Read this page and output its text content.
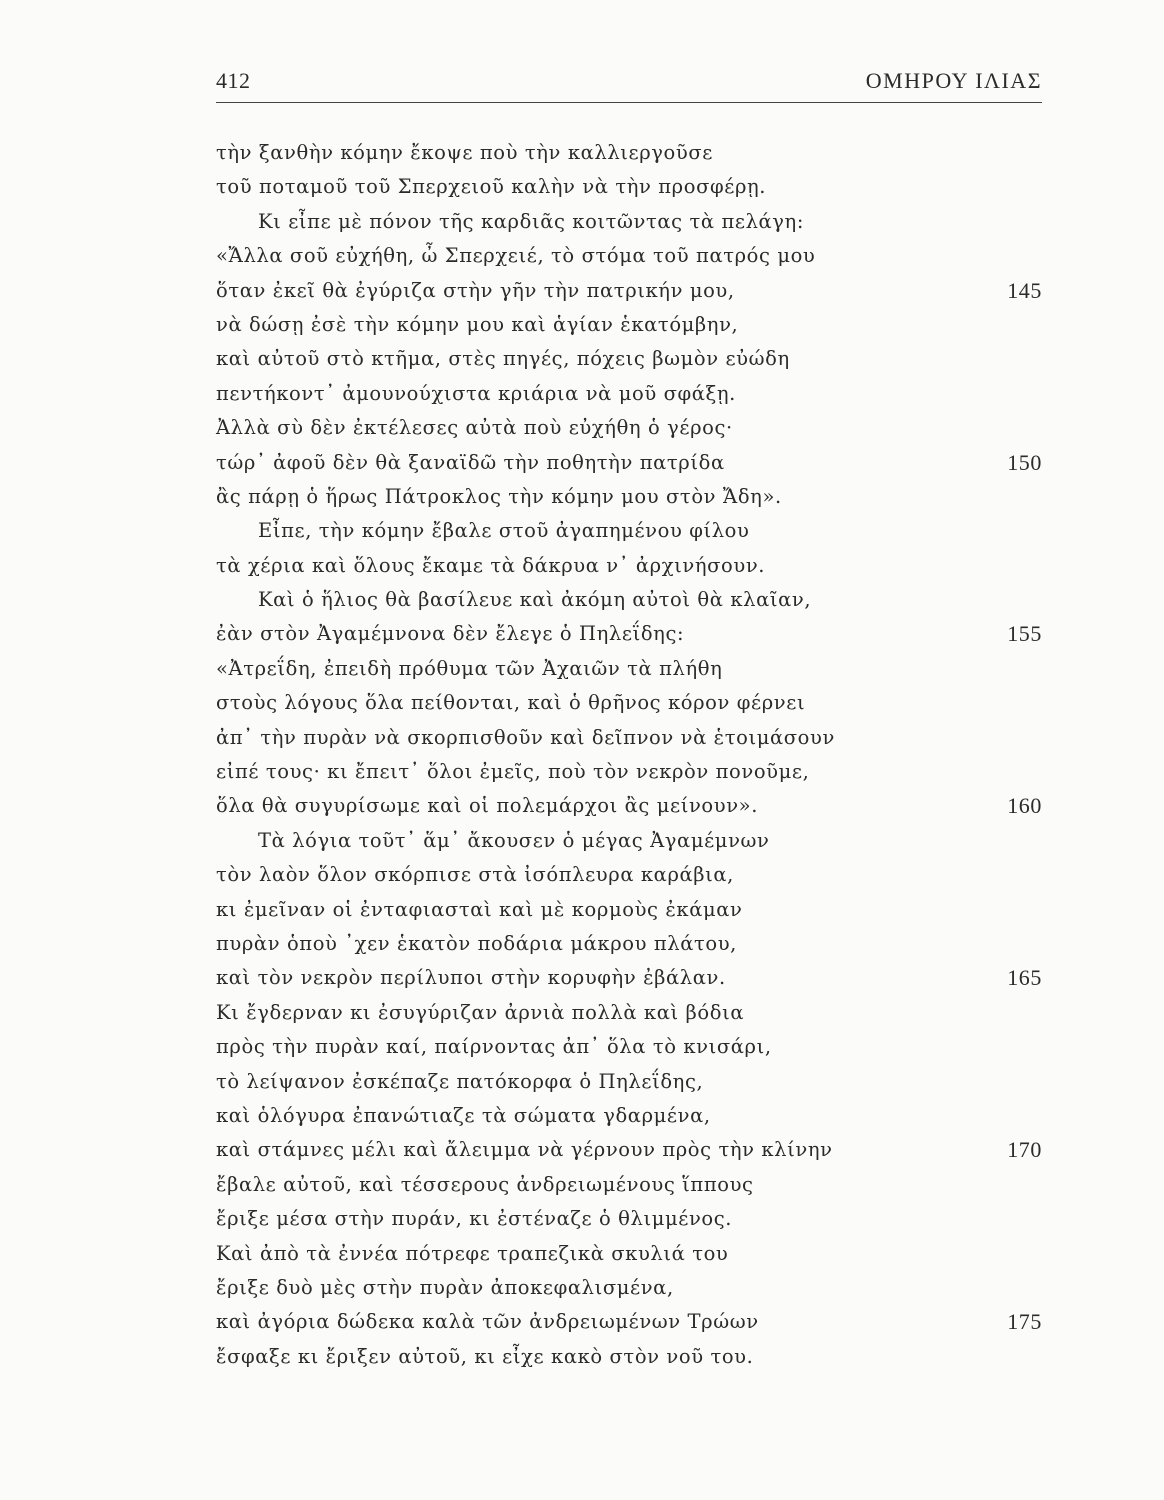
412	ΟΜΗΡΟΥ ΙΛΙΑΣ
τὴν ξανθὴν κόμην ἔκοψε ποὺ τὴν καλλιεργοῦσε
τοῦ ποταμοῦ τοῦ Σπερχειοῦ καλὴν νὰ τὴν προσφέρῃ.
Κι εἶπε μὲ πόνον τῆς καρδιᾶς κοιτῶντας τὰ πελάγη:
«Ἄλλα σοῦ εὐχήθη, ὦ Σπερχειέ, τὸ στόμα τοῦ πατρός μου
ὅταν ἐκεῖ θὰ ἐγύριζα στὴν γῆν τὴν πατρικήν μου,	145
νὰ δώσῃ ἐσὲ τὴν κόμην μου καὶ ἁγίαν ἑκατόμβην,
καὶ αὐτοῦ στὸ κτῆμα, στὲς πηγές, πόχεις βωμὸν εὐώδη
πεντήκοντ᾽ ἀμουνούχιστα κριάρια νὰ μοῦ σφάξῃ.
Ἀλλὰ σὺ δὲν ἐκτέλεσες αὐτὰ ποὺ εὐχήθη ὁ γέρος·
τώρ᾽ ἀφοῦ δὲν θὰ ξαναϊδῶ τὴν ποθητὴν πατρίδα	150
ἂς πάρῃ ὁ ἥρως Πάτροκλος τὴν κόμην μου στὸν Ἄδη».
Εἶπε, τὴν κόμην ἔβαλε στοῦ ἀγαπημένου φίλου
τὰ χέρια καὶ ὅλους ἔκαμε τὰ δάκρυα ν᾽ ἀρχινήσουν.
Καὶ ὁ ἥλιος θὰ βασίλευε καὶ ἀκόμη αὐτοὶ θὰ κλαῖαν,
ἐὰν στὸν Ἀγαμέμνονα δὲν ἔλεγε ὁ Πηλεΐδης:	155
«Ἀτρεΐδη, ἐπειδὴ πρόθυμα τῶν Ἀχαιῶν τὰ πλήθη
στοὺς λόγους ὅλα πείθονται, καὶ ὁ θρῆνος κόρον φέρνει
ἀπ᾽ τὴν πυρὰν νὰ σκορπισθοῦν καὶ δεῖπνον νὰ ἑτοιμάσουν
εἰπέ τους· κι ἔπειτ᾽ ὅλοι ἐμεῖς, ποὺ τὸν νεκρὸν πονοῦμε,
ὅλα θὰ συγυρίσωμε καὶ οἱ πολεμάρχοι ἂς μείνουν».	160
Τὰ λόγια τοῦτ᾽ ἅμ᾽ ἄκουσεν ὁ μέγας Ἀγαμέμνων
τὸν λαὸν ὅλον σκόρπισε στὰ ἰσόπλευρα καράβια,
κι ἐμεῖναν οἱ ἐνταφιασταὶ καὶ μὲ κορμοὺς ἐκάμαν
πυρὰν ὁποὺ ᾽χεν ἑκατὸν ποδάρια μάκρου πλάτου,
καὶ τὸν νεκρὸν περίλυποι στὴν κορυφὴν ἐβάλαν.	165
Κι ἔγδερναν κι ἐσυγύριζαν ἀρνιὰ πολλὰ καὶ βόδια
πρὸς τὴν πυρὰν καί, παίρνοντας ἀπ᾽ ὅλα τὸ κνισάρι,
τὸ λείψανον ἐσκέπαζε πατόκορφα ὁ Πηλεΐδης,
καὶ ὁλόγυρα ἐπανώτιαζε τὰ σώματα γδαρμένα,
καὶ στάμνες μέλι καὶ ἄλειμμα νὰ γέρνουν πρὸς τὴν κλίνην	170
ἔβαλε αὐτοῦ, καὶ τέσσερους ἀνδρειωμένους ἵππους
ἔριξε μέσα στὴν πυράν, κι ἐστέναζε ὁ θλιμμένος.
Καὶ ἀπὸ τὰ ἐννέα πότρεφε τραπεζικὰ σκυλιά του
ἔριξε δυὸ μὲς στὴν πυρὰν ἀποκεφαλισμένα,
καὶ ἀγόρια δώδεκα καλὰ τῶν ἀνδρειωμένων Τρώων	175
ἔσφαξε κι ἔριξεν αὐτοῦ, κι εἶχε κακὸ στὸν νοῦ του.
